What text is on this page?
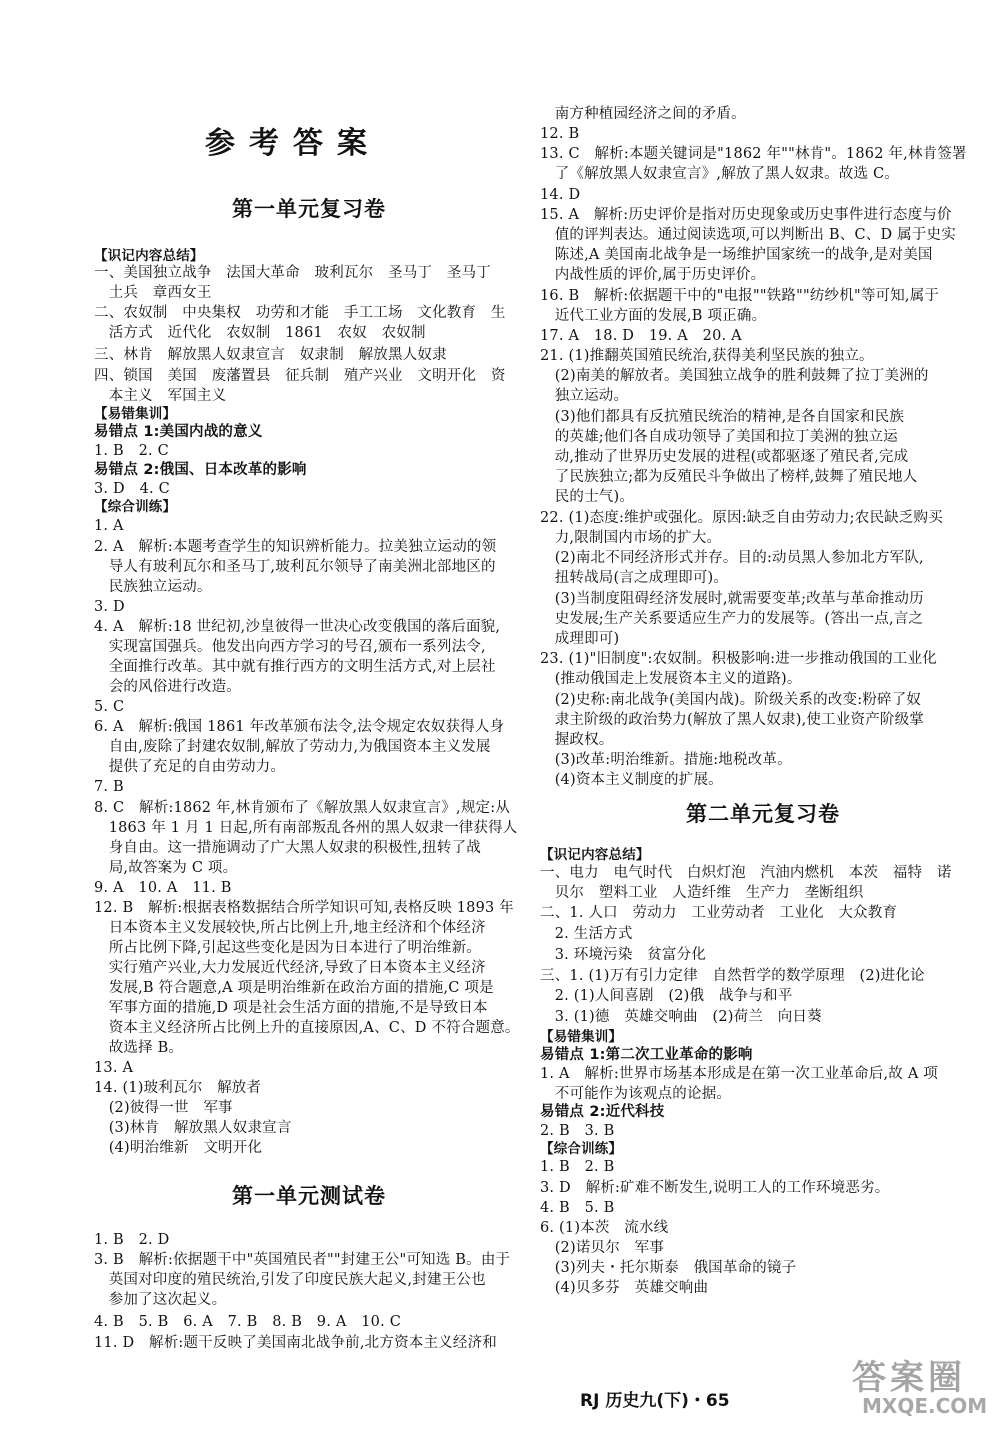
参考答案
第一单元复习卷
【识记内容总结】
一、美国独立战争　法国大革命　玻利瓦尔　圣马丁　圣马丁
　土兵　章西女王
二、农奴制　中央集权　功劳和才能　手工工场　文化教育　生
　活方式　近代化　农奴制　1861　农奴　农奴制
三、林肯　解放黑人奴隶宣言　奴隶制　解放黑人奴隶
四、锁国　美国　废藩置县　征兵制　殖产兴业　文明开化　资
　本主义　军国主义
【易错集训】
易错点 1:美国内战的意义
1. B　2. C
易错点 2:俄国、日本改革的影响
3. D　4. C
【综合训练】
1. A
2. A　解析:本题考查学生的知识辨析能力。拉美独立运动的领
　导人有玻利瓦尔和圣马丁,玻利瓦尔领导了南美洲北部地区的
　民族独立运动。
3. D
4. A　解析:18 世纪初,沙皇彼得一世决心改变俄国的落后面貌,
　实现富国强兵。他发出向西方学习的号召,颁布一系列法令,
　全面推行改革。其中就有推行西方的文明生活方式,对上层社
　会的风俗进行改造。
5. C
6. A　解析:俄国 1861 年改革颁布法令,法令规定农奴获得人身
　自由,废除了封建农奴制,解放了劳动力,为俄国资本主义发展
　提供了充足的自由劳动力。
7. B
8. C　解析:1862 年,林肯颁布了《解放黑人奴隶宣言》,规定:从
　1863 年 1 月 1 日起,所有南部叛乱各州的黑人奴隶一律获得人
　身自由。这一措施调动了广大黑人奴隶的积极性,扭转了战
　局,故答案为 C 项。
9. A　10. A　11. B
12. B　解析:根据表格数据结合所学知识可知,表格反映 1893 年
　日本资本主义发展较快,所占比例上升,地主经济和个体经济
　所占比例下降,引起这些变化是因为日本进行了明治维新。
　实行殖产兴业,大力发展近代经济,导致了日本资本主义经济
　发展,B 符合题意,A 项是明治维新在政治方面的措施,C 项是
　军事方面的措施,D 项是社会生活方面的措施,不是导致日本
　资本主义经济所占比例上升的直接原因,A、C、D 不符合题意。
　故选择 B。
13. A
14. (1)玻利瓦尔　解放者
　(2)彼得一世　军事
　(3)林肯　解放黑人奴隶宣言
　(4)明治维新　文明开化
第一单元测试卷
1. B　2. D
3. B　解析:依据题干中"英国殖民者""封建王公"可知选 B。由于
　英国对印度的殖民统治,引发了印度民族大起义,封建王公也
　参加了这次起义。
4. B　5. B　6. A　7. B　8. B　9. A　10. C
11. D　解析:题干反映了美国南北战争前,北方资本主义经济和
　南方种植园经济之间的矛盾。
12. B
13. C　解析:本题关键词是"1862 年""林肯"。1862 年,林肯签署
　了《解放黑人奴隶宣言》,解放了黑人奴隶。故选 C。
14. D
15. A　解析:历史评价是指对历史现象或历史事件进行态度与价
　值的评判表达。通过阅读选项,可以判断出 B、C、D 属于史实
　陈述,A 美国南北战争是一场维护国家统一的战争,是对美国
　内战性质的评价,属于历史评价。
16. B　解析:依据题干中的"电报""铁路""纺纱机"等可知,属于
　近代工业方面的发展,B 项正确。
17. A　18. D　19. A　20. A
21. (1)推翻英国殖民统治,获得美利坚民族的独立。
　(2)南美的解放者。美国独立战争的胜利鼓舞了拉丁美洲的
　独立运动。
　(3)他们都具有反抗殖民统治的精神,是各自国家和民族
　的英雄;他们各自成功领导了美国和拉丁美洲的独立运
　动,推动了世界历史发展的进程(或都驱逐了殖民者,完成
　了民族独立;都为反殖民斗争做出了榜样,鼓舞了殖民地人
　民的士气)。
22. (1)态度:维护或强化。原因:缺乏自由劳动力;农民缺乏购买
　力,限制国内市场的扩大。
　(2)南北不同经济形式并存。目的:动员黑人参加北方军队,
　扭转战局(言之成理即可)。
　(3)当制度阻碍经济发展时,就需要变革;改革与革命推动历
　史发展;生产关系要适应生产力的发展等。(答出一点,言之
　成理即可)
23. (1)"旧制度":农奴制。积极影响:进一步推动俄国的工业化
　(推动俄国走上发展资本主义的道路)。
　(2)史称:南北战争(美国内战)。阶级关系的改变:粉碎了奴
　隶主阶级的政治势力(解放了黑人奴隶),使工业资产阶级掌
　握政权。
　(3)改革:明治维新。措施:地税改革。
　(4)资本主义制度的扩展。
第二单元复习卷
【识记内容总结】
一、电力　电气时代　白炽灯泡　汽油内燃机　本茨　福特　诺
　贝尔　塑料工业　人造纤维　生产力　垄断组织
二、1. 人口　劳动力　工业劳动者　工业化　大众教育
　2. 生活方式
　3. 环境污染　贫富分化
三、1. (1)万有引力定律　自然哲学的数学原理　(2)进化论
　2. (1)人间喜剧　(2)俄　战争与和平
　3. (1)德　英雄交响曲　(2)荷兰　向日葵
【易错集训】
易错点 1:第二次工业革命的影响
1. A　解析:世界市场基本形成是在第一次工业革命后,故 A 项
　不可能作为该观点的论据。
易错点 2:近代科技
2. B　3. B
【综合训练】
1. B　2. B
3. D　解析:矿难不断发生,说明工人的工作环境恶劣。
4. B　5. B
6. (1)本茨　流水线
　(2)诺贝尔　军事
　(3)列夫・托尔斯泰　俄国革命的镜子
　(4)贝多芬　英雄交响曲
RJ 历史九(下)・65
答案圈
MXQE.COM
